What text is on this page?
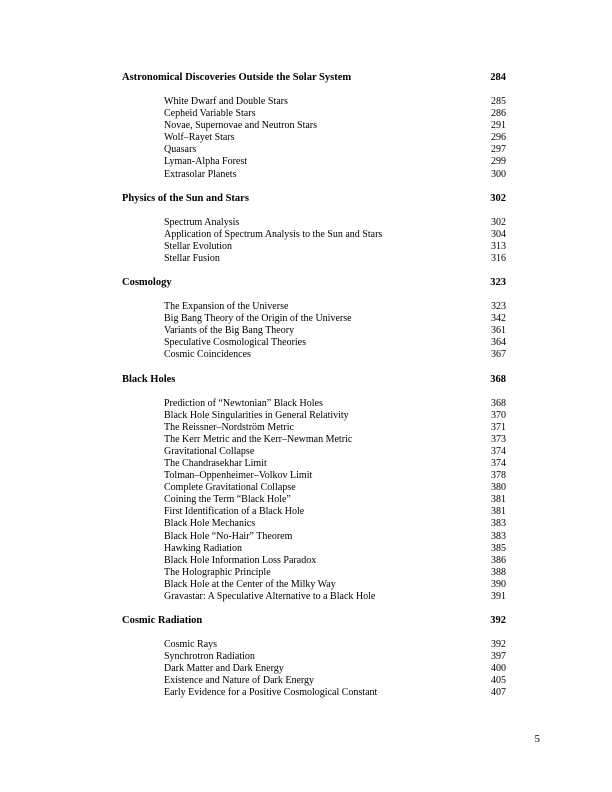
Astronomical Discoveries Outside the Solar System	284
White Dwarf and Double Stars	285
Cepheid Variable Stars	286
Novae, Supernovae and Neutron Stars	291
Wolf–Rayet Stars	296
Quasars	297
Lyman-Alpha Forest	299
Extrasolar Planets	300
Physics of the Sun and Stars	302
Spectrum Analysis	302
Application of Spectrum Analysis to the Sun and Stars	304
Stellar Evolution	313
Stellar Fusion	316
Cosmology	323
The Expansion of the Universe	323
Big Bang Theory of the Origin of the Universe	342
Variants of the Big Bang Theory	361
Speculative Cosmological Theories	364
Cosmic Coincidences	367
Black Holes	368
Prediction of “Newtonian” Black Holes	368
Black Hole Singularities in General Relativity	370
The Reissner–Nordström Metric	371
The Kerr Metric and the Kerr–Newman Metric	373
Gravitational Collapse	374
The Chandrasekhar Limit	374
Tolman–Oppenheimer–Volkov Limit	378
Complete Gravitational Collapse	380
Coining the Term “Black Hole”	381
First Identification of a Black Hole	381
Black Hole Mechanics	383
Black Hole “No-Hair” Theorem	383
Hawking Radiation	385
Black Hole Information Loss Paradox	386
The Holographic Principle	388
Black Hole at the Center of the Milky Way	390
Gravastar: A Speculative Alternative to a Black Hole	391
Cosmic Radiation	392
Cosmic Rays	392
Synchrotron Radiation	397
Dark Matter and Dark Energy	400
Existence and Nature of Dark Energy	405
Early Evidence for a Positive Cosmological Constant	407
5
